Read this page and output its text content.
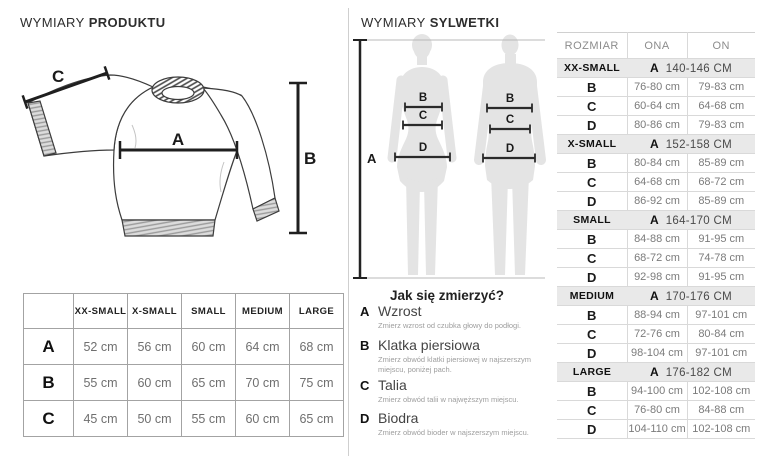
WYMIARY PRODUKTU
A
B
C
	XX-SMALL	X-SMALL	SMALL	MEDIUM	LARGE
A	52 cm	56 cm	60 cm	64 cm	68 cm
B	55 cm	60 cm	65 cm	70 cm	75 cm
C	45 cm	50 cm	55 cm	60 cm	65 cm
WYMIARY SYLWETKI
A
B
C
D
B
C
D
Jak się zmierzyć?
A Wzrost
Zmierz wzrost od czubka głowy do podłogi.
B Klatka piersiowa
Zmierz obwód klatki piersiowej w najszerszym miejscu, poniżej pach.
C Talia
Zmierz obwód talii w najwęższym miejscu.
D Biodra
Zmierz obwód bioder w najszerszym miejscu.
ROZMIAR	ONA	ON
XX-SMALL	A 140-146 CM	
B	76-80 cm	79-83 cm
C	60-64 cm	64-68 cm
D	80-86 cm	79-83 cm
X-SMALL	A 152-158 CM	
B	80-84 cm	85-89 cm
C	64-68 cm	68-72 cm
D	86-92 cm	85-89 cm
SMALL	A 164-170 CM	
B	84-88 cm	91-95 cm
C	68-72 cm	74-78 cm
D	92-98 cm	91-95 cm
MEDIUM	A 170-176 CM	
B	88-94 cm	97-101 cm
C	72-76 cm	80-84 cm
D	98-104 cm	97-101 cm
LARGE	A 176-182 CM	
B	94-100 cm	102-108 cm
C	76-80 cm	84-88 cm
D	104-110 cm	102-108 cm
